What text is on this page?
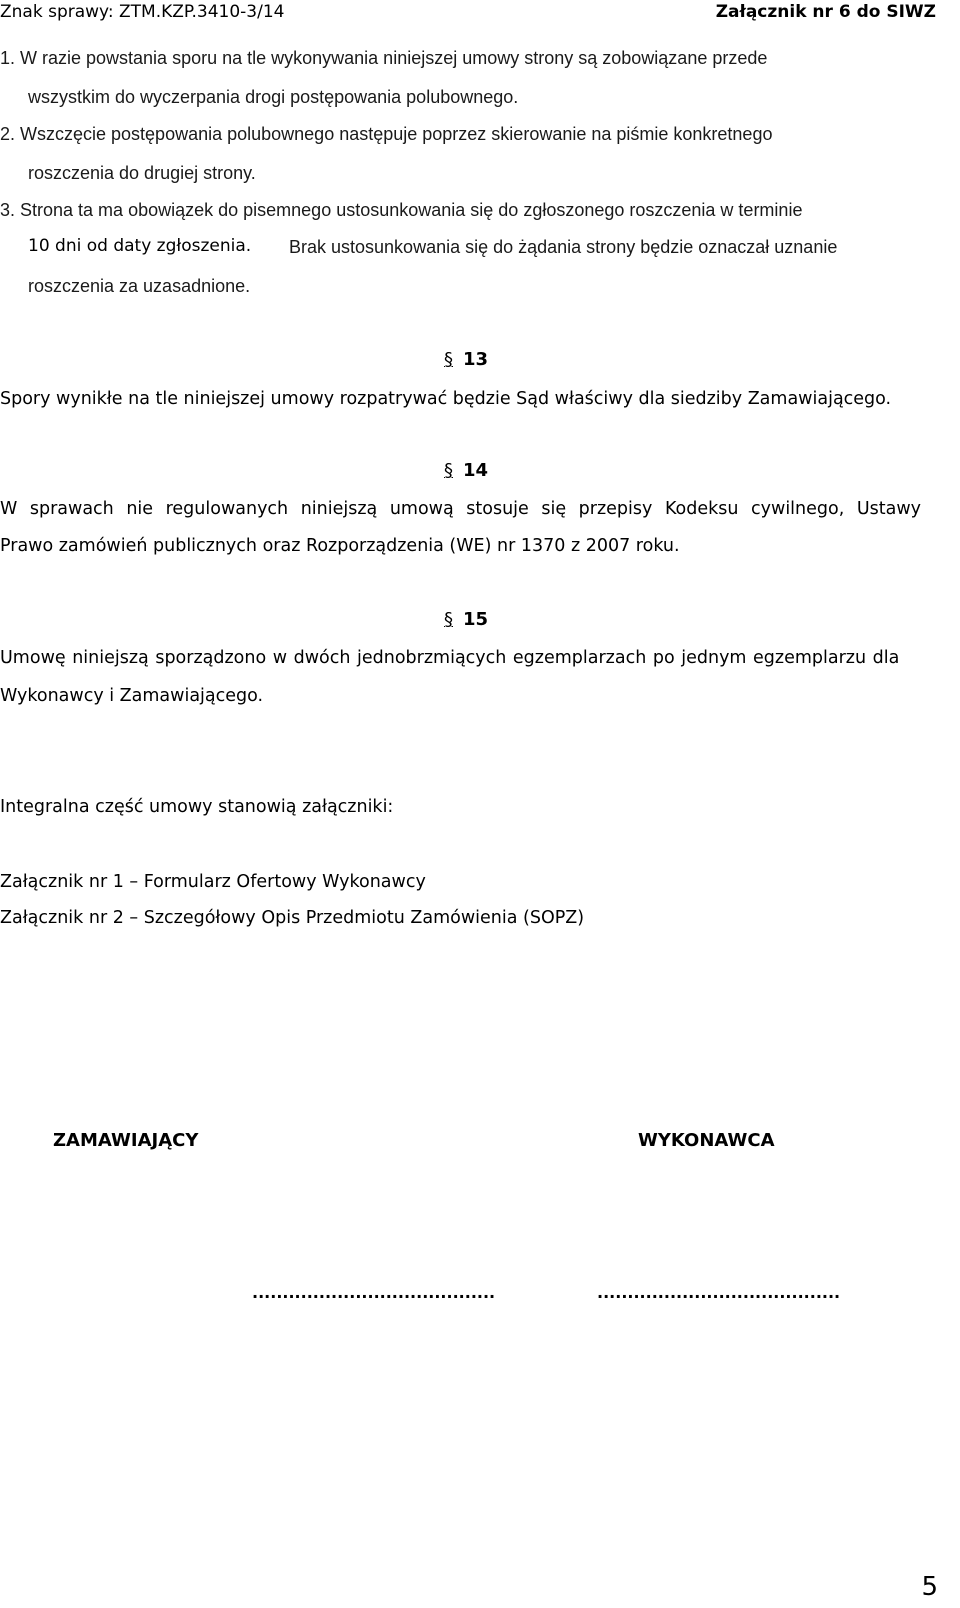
Znak sprawy: ZTM.KZP.3410-3/14	Załącznik nr 6 do SIWZ
1. W razie powstania sporu na tle wykonywania niniejszej umowy strony są zobowiązane przede
wszystkim do wyczerpania drogi postępowania polubownego.
2. Wszczęcie postępowania polubownego następuje poprzez skierowanie na piśmie konkretnego
roszczenia do drugiej strony.
3. Strona ta ma obowiązek do pisemnego ustosunkowania się do zgłoszonego roszczenia w terminie
10 dni od daty zgłoszenia. Brak ustosunkowania się do żądania strony będzie oznaczał uznanie
roszczenia za uzasadnione.
§ 13
Spory wynikłe na tle niniejszej umowy rozpatrywać będzie Sąd właściwy dla siedziby Zamawiającego.
§ 14
W sprawach nie regulowanych niniejszą umową stosuje się przepisy Kodeksu cywilnego, Ustawy
Prawo zamówień publicznych oraz Rozporządzenia (WE) nr 1370 z 2007 roku.
§ 15
Umowę niniejszą sporządzono w dwóch jednobrzmiących egzemplarzach po jednym egzemplarzu dla
Wykonawcy i Zamawiającego.
Integralna część umowy stanowią załączniki:
Załącznik nr 1 – Formularz Ofertowy Wykonawcy
Załącznik nr 2 – Szczegółowy Opis Przedmiotu Zamówienia (SOPZ)
ZAMAWIAJĄCY	WYKONAWCA
........................................	........................................
5
